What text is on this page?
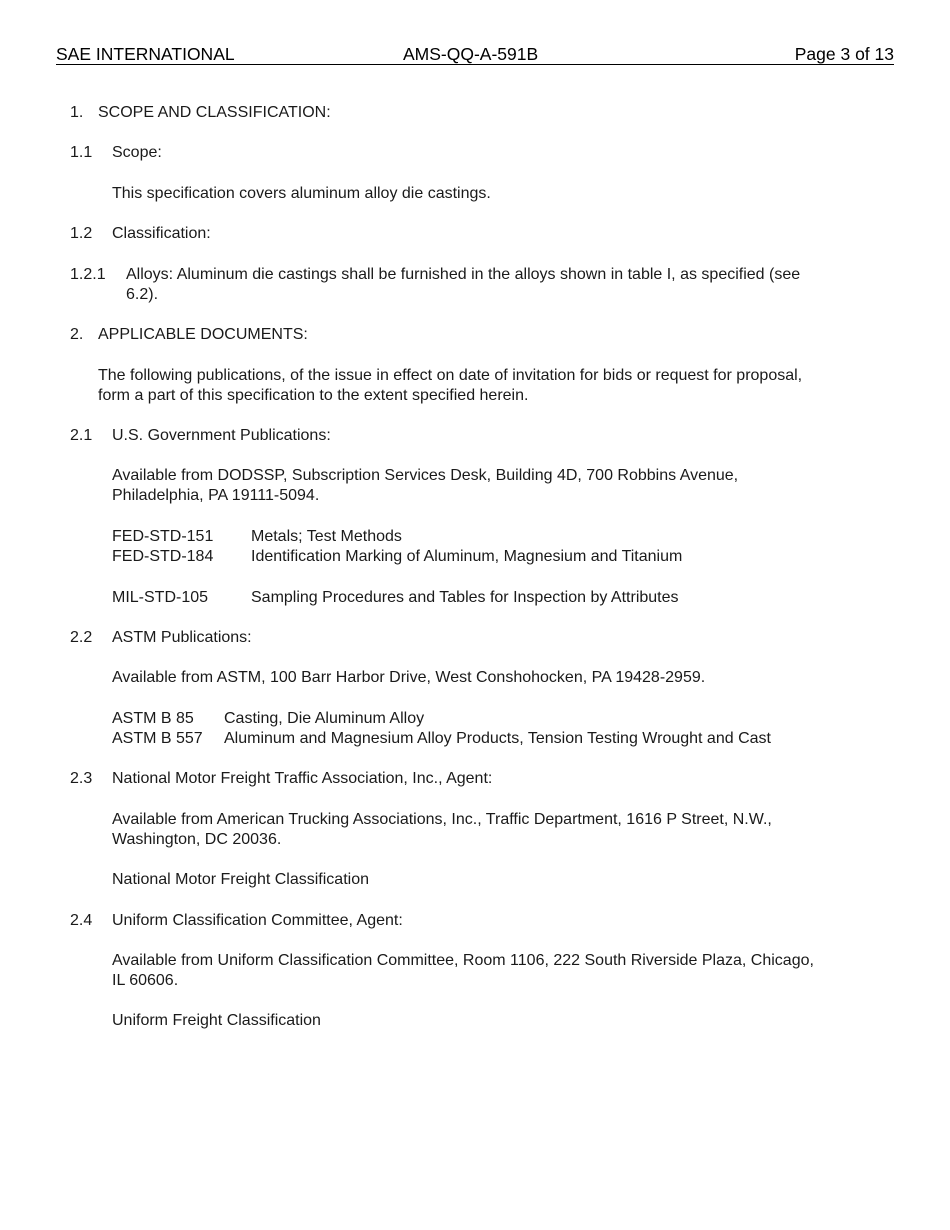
SAE INTERNATIONAL	AMS-QQ-A-591B	Page 3 of 13
1. SCOPE AND CLASSIFICATION:
1.1 Scope:
This specification covers aluminum alloy die castings.
1.2 Classification:
1.2.1 Alloys: Aluminum die castings shall be furnished in the alloys shown in table I, as specified (see
6.2).
2. APPLICABLE DOCUMENTS:
The following publications, of the issue in effect on date of invitation for bids or request for proposal,
form a part of this specification to the extent specified herein.
2.1 U.S. Government Publications:
Available from DODSSP, Subscription Services Desk, Building 4D, 700 Robbins Avenue,
Philadelphia, PA 19111-5094.
FED-STD-151 Metals; Test Methods
FED-STD-184 Identification Marking of Aluminum, Magnesium and Titanium
MIL-STD-105	Sampling Procedures and Tables for Inspection by Attributes
2.2 ASTM Publications:
Available from ASTM, 100 Barr Harbor Drive, West Conshohocken, PA 19428-2959.
ASTM B 85 Casting, Die Aluminum Alloy
ASTM B 557 Aluminum and Magnesium Alloy Products, Tension Testing Wrought and Cast
2.3 National Motor Freight Traffic Association, Inc., Agent:
Available from American Trucking Associations, Inc., Traffic Department, 1616 P Street, N.W.,
Washington, DC 20036.
National Motor Freight Classification
2.4 Uniform Classification Committee, Agent:
Available from Uniform Classification Committee, Room 1106, 222 South Riverside Plaza, Chicago,
IL 60606.
Uniform Freight Classification
